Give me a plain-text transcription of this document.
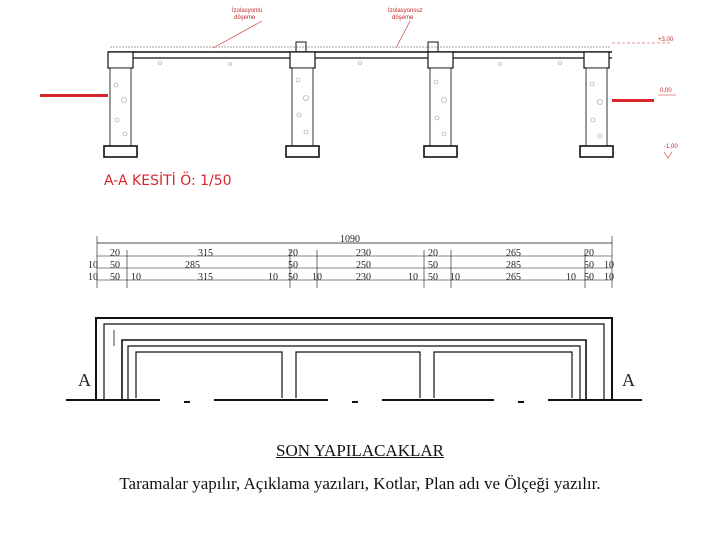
İzolasyonlu
döşeme
İzolasyonsuz
döşeme
+3,00
0,00
-1,00
A-A KESİTİ Ö: 1/50
1090
20	315	20	230	20	265	20
10 50	285	50	250	50	285	50 10
10 50 10	315	10 50 10	230	10 50 10	265	10 50 10
A	A
SON YAPILACAKLAR
Taramalar yapılır, Açıklama yazıları, Kotlar, Plan adı ve Ölçeği yazılır.
